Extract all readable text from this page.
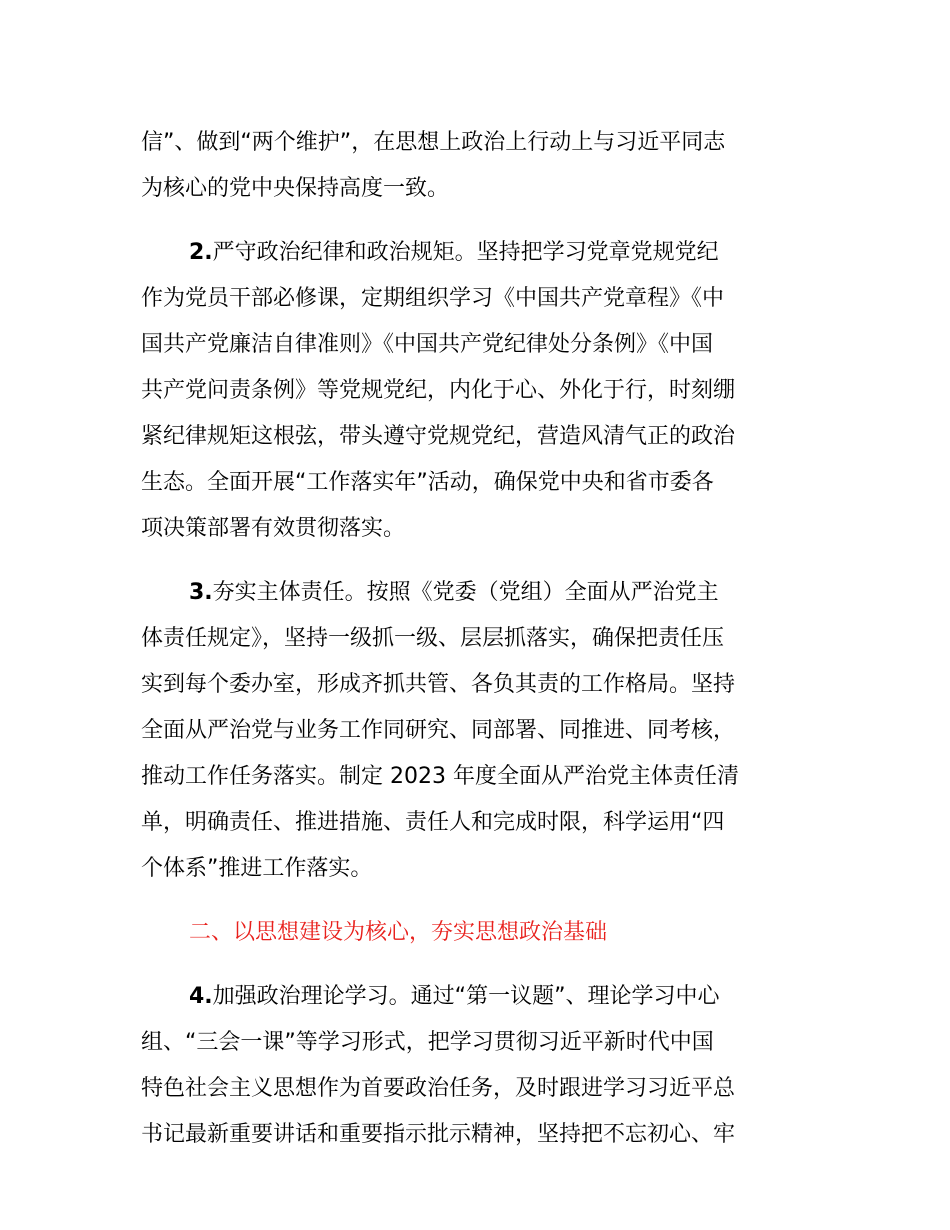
信”、做到“两个维护”，在思想上政治上行动上与习近平同志
为核心的党中央保持高度一致。
2.严守政治纪律和政治规矩。坚持把学习党章党规党纪
作为党员干部必修课，定期组织学习《中国共产党章程》《中
国共产党廉洁自律准则》《中国共产党纪律处分条例》《中国
共产党问责条例》等党规党纪，内化于心、外化于行，时刻绷
紧纪律规矩这根弦，带头遵守党规党纪，营造风清气正的政治
生态。全面开展“工作落实年”活动，确保党中央和省市委各
项决策部署有效贯彻落实。
3.夯实主体责任。按照《党委（党组）全面从严治党主
体责任规定》，坚持一级抓一级、层层抓落实，确保把责任压
实到每个委办室，形成齐抓共管、各负其责的工作格局。坚持
全面从严治党与业务工作同研究、同部署、同推进、同考核，
推动工作任务落实。制定 2023 年度全面从严治党主体责任清
单，明确责任、推进措施、责任人和完成时限，科学运用“四
个体系”推进工作落实。
二、以思想建设为核心，夯实思想政治基础
4.加强政治理论学习。通过“第一议题”、理论学习中心
组、“三会一课”等学习形式，把学习贯彻习近平新时代中国
特色社会主义思想作为首要政治任务，及时跟进学习习近平总
书记最新重要讲话和重要指示批示精神，坚持把不忘初心、牢
